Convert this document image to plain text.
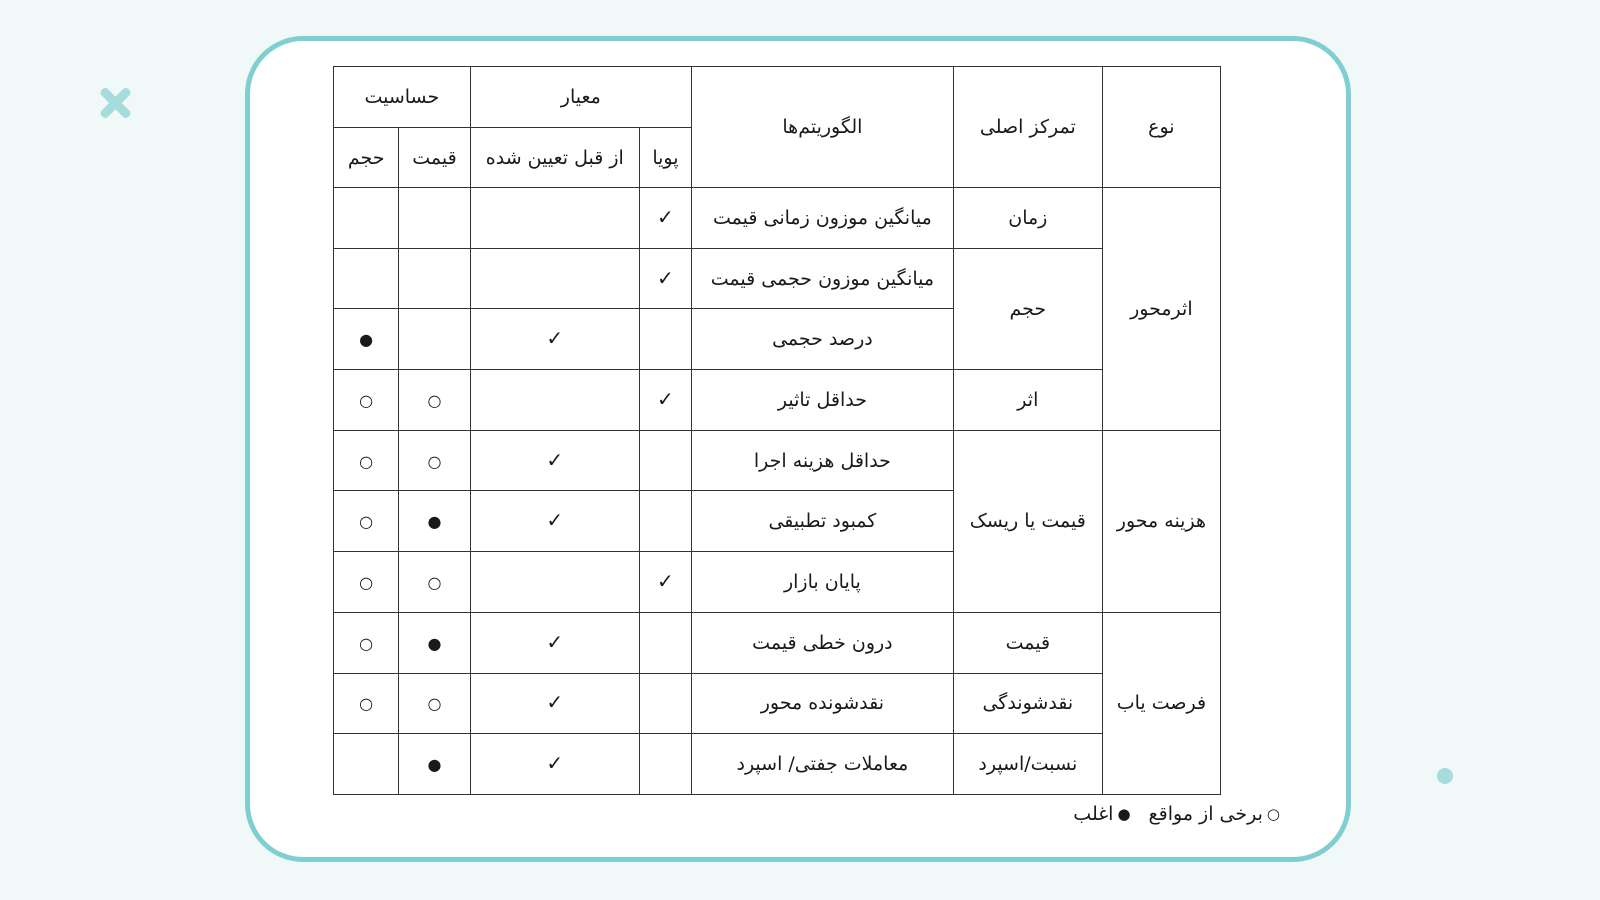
نوع	تمرکز اصلی	الگوریتم‌ها	معیار		حساسیت	
			پویا	از قبل تعیین شده	قیمت	حجم
اثرمحور	زمان	میانگین موزون زمانی قیمت	✓			
	حجم	میانگین موزون حجمی قیمت	✓			
		درصد حجمی		✓		●
	اثر	حداقل تاثیر	✓		○	○
هزینه محور	قیمت یا ریسک	حداقل هزینه اجرا		✓	○	○
		کمبود تطبیقی		✓	●	○
		پایان بازار	✓		○	○
فرصت یاب	قیمت	درون خطی قیمت		✓	●	○
	نقدشوندگی	نقدشونده محور		✓	○	○
	نسبت/اسپرد	معاملات جفتی/ اسپرد		✓	●	
○برخی از مواقع●اغلب
